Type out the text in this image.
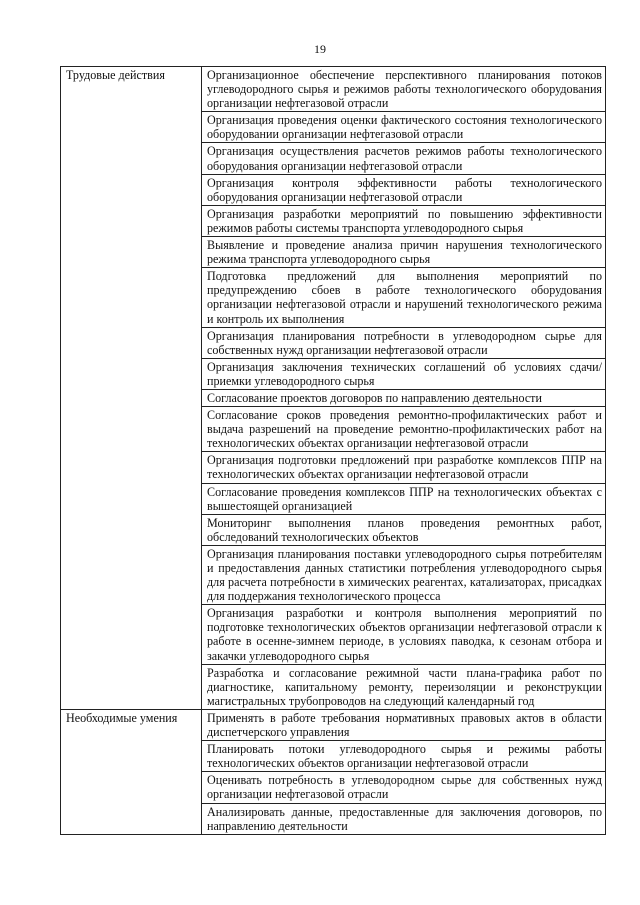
19
Трудовые действия	Организационное обеспечение перспективного планирования потоков углеводородного сырья и режимов работы технологического оборудования организации нефтегазовой отрасли
	Организация проведения оценки фактического состояния технологического оборудовании организации нефтегазовой отрасли
	Организация осуществления расчетов режимов работы технологического оборудования организации нефтегазовой отрасли
	Организация контроля эффективности работы технологического оборудования организации нефтегазовой отрасли
	Организация разработки мероприятий по повышению эффективности режимов работы системы транспорта углеводородного сырья
	Выявление и проведение анализа причин нарушения технологического режима транспорта углеводородного сырья
	Подготовка предложений для выполнения мероприятий по предупреждению сбоев в работе технологического оборудования организации нефтегазовой отрасли и нарушений технологического режима и контроль их выполнения
	Организация планирования потребности в углеводородном сырье для собственных нужд организации нефтегазовой отрасли
	Организация заключения технических соглашений об условиях сдачи/приемки углеводородного сырья
	Согласование проектов договоров по направлению деятельности
	Согласование сроков проведения ремонтно-профилактических работ и выдача разрешений на проведение ремонтно-профилактических работ на технологических объектах организации нефтегазовой отрасли
	Организация подготовки предложений при разработке комплексов ППР на технологических объектах организации нефтегазовой отрасли
	Согласование проведения комплексов ППР на технологических объектах с вышестоящей организацией
	Мониторинг выполнения планов проведения ремонтных работ, обследований технологических объектов
	Организация планирования поставки углеводородного сырья потребителям и предоставления данных статистики потребления углеводородного сырья для расчета потребности в химических реагентах, катализаторах, присадках для поддержания технологического процесса
	Организация разработки и контроля выполнения мероприятий по подготовке технологических объектов организации нефтегазовой отрасли к работе в осенне-зимнем периоде, в условиях паводка, к сезонам отбора и закачки углеводородного сырья
	Разработка и согласование режимной части плана-графика работ по диагностике, капитальному ремонту, переизоляции и реконструкции магистральных трубопроводов на следующий календарный год
Необходимые умения	Применять в работе требования нормативных правовых актов в области диспетчерского управления
	Планировать потоки углеводородного сырья и режимы работы технологических объектов организации нефтегазовой отрасли
	Оценивать потребность в углеводородном сырье для собственных нужд организации нефтегазовой отрасли
	Анализировать данные, предоставленные для заключения договоров, по направлению деятельности
